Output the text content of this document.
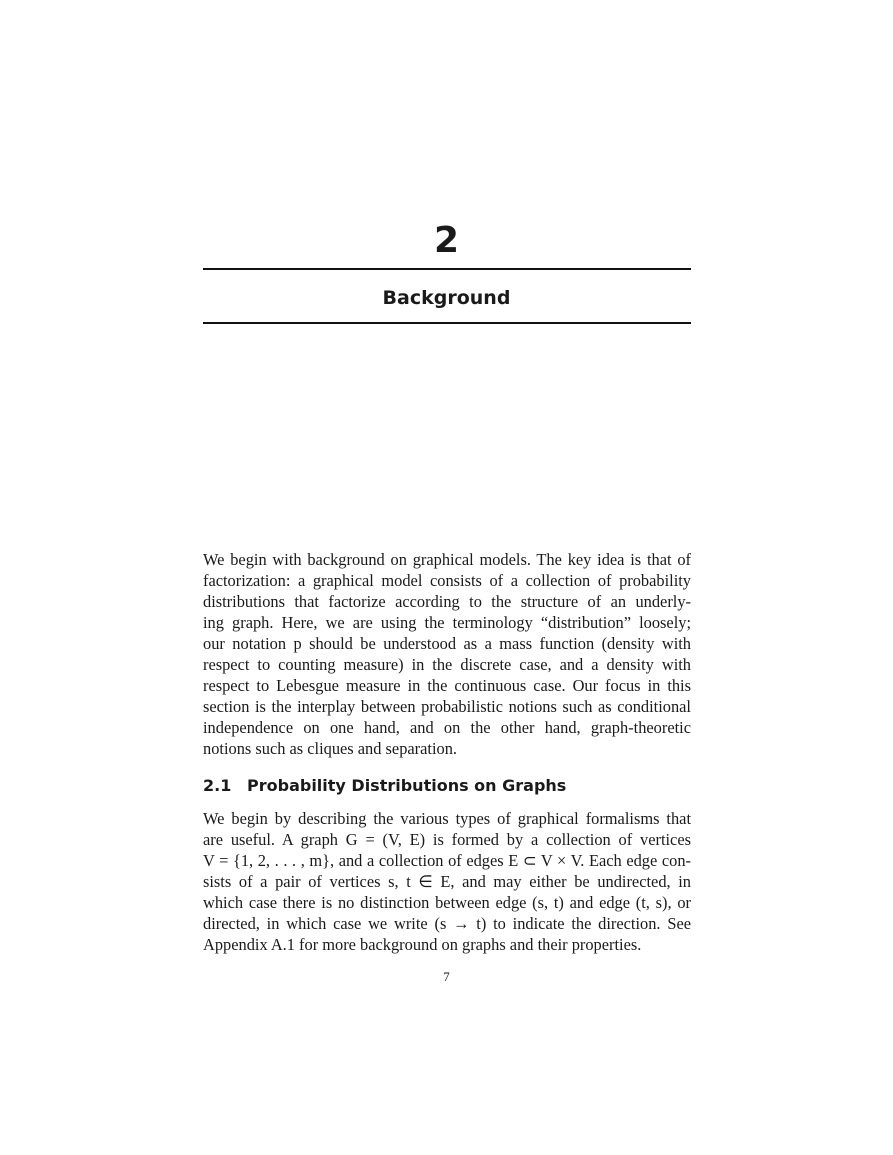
2
Background
We begin with background on graphical models. The key idea is that of
factorization: a graphical model consists of a collection of probability
distributions that factorize according to the structure of an underly-
ing graph. Here, we are using the terminology “distribution” loosely;
our notation p should be understood as a mass function (density with
respect to counting measure) in the discrete case, and a density with
respect to Lebesgue measure in the continuous case. Our focus in this
section is the interplay between probabilistic notions such as conditional
independence on one hand, and on the other hand, graph-theoretic
notions such as cliques and separation.
2.1 Probability Distributions on Graphs
We begin by describing the various types of graphical formalisms that
are useful. A graph G = (V, E) is formed by a collection of vertices
V = {1, 2, . . . , m}, and a collection of edges E ⊂ V × V. Each edge con-
sists of a pair of vertices s, t ∈ E, and may either be undirected, in
which case there is no distinction between edge (s, t) and edge (t, s), or
directed, in which case we write (s → t) to indicate the direction. See
Appendix A.1 for more background on graphs and their properties.
7
